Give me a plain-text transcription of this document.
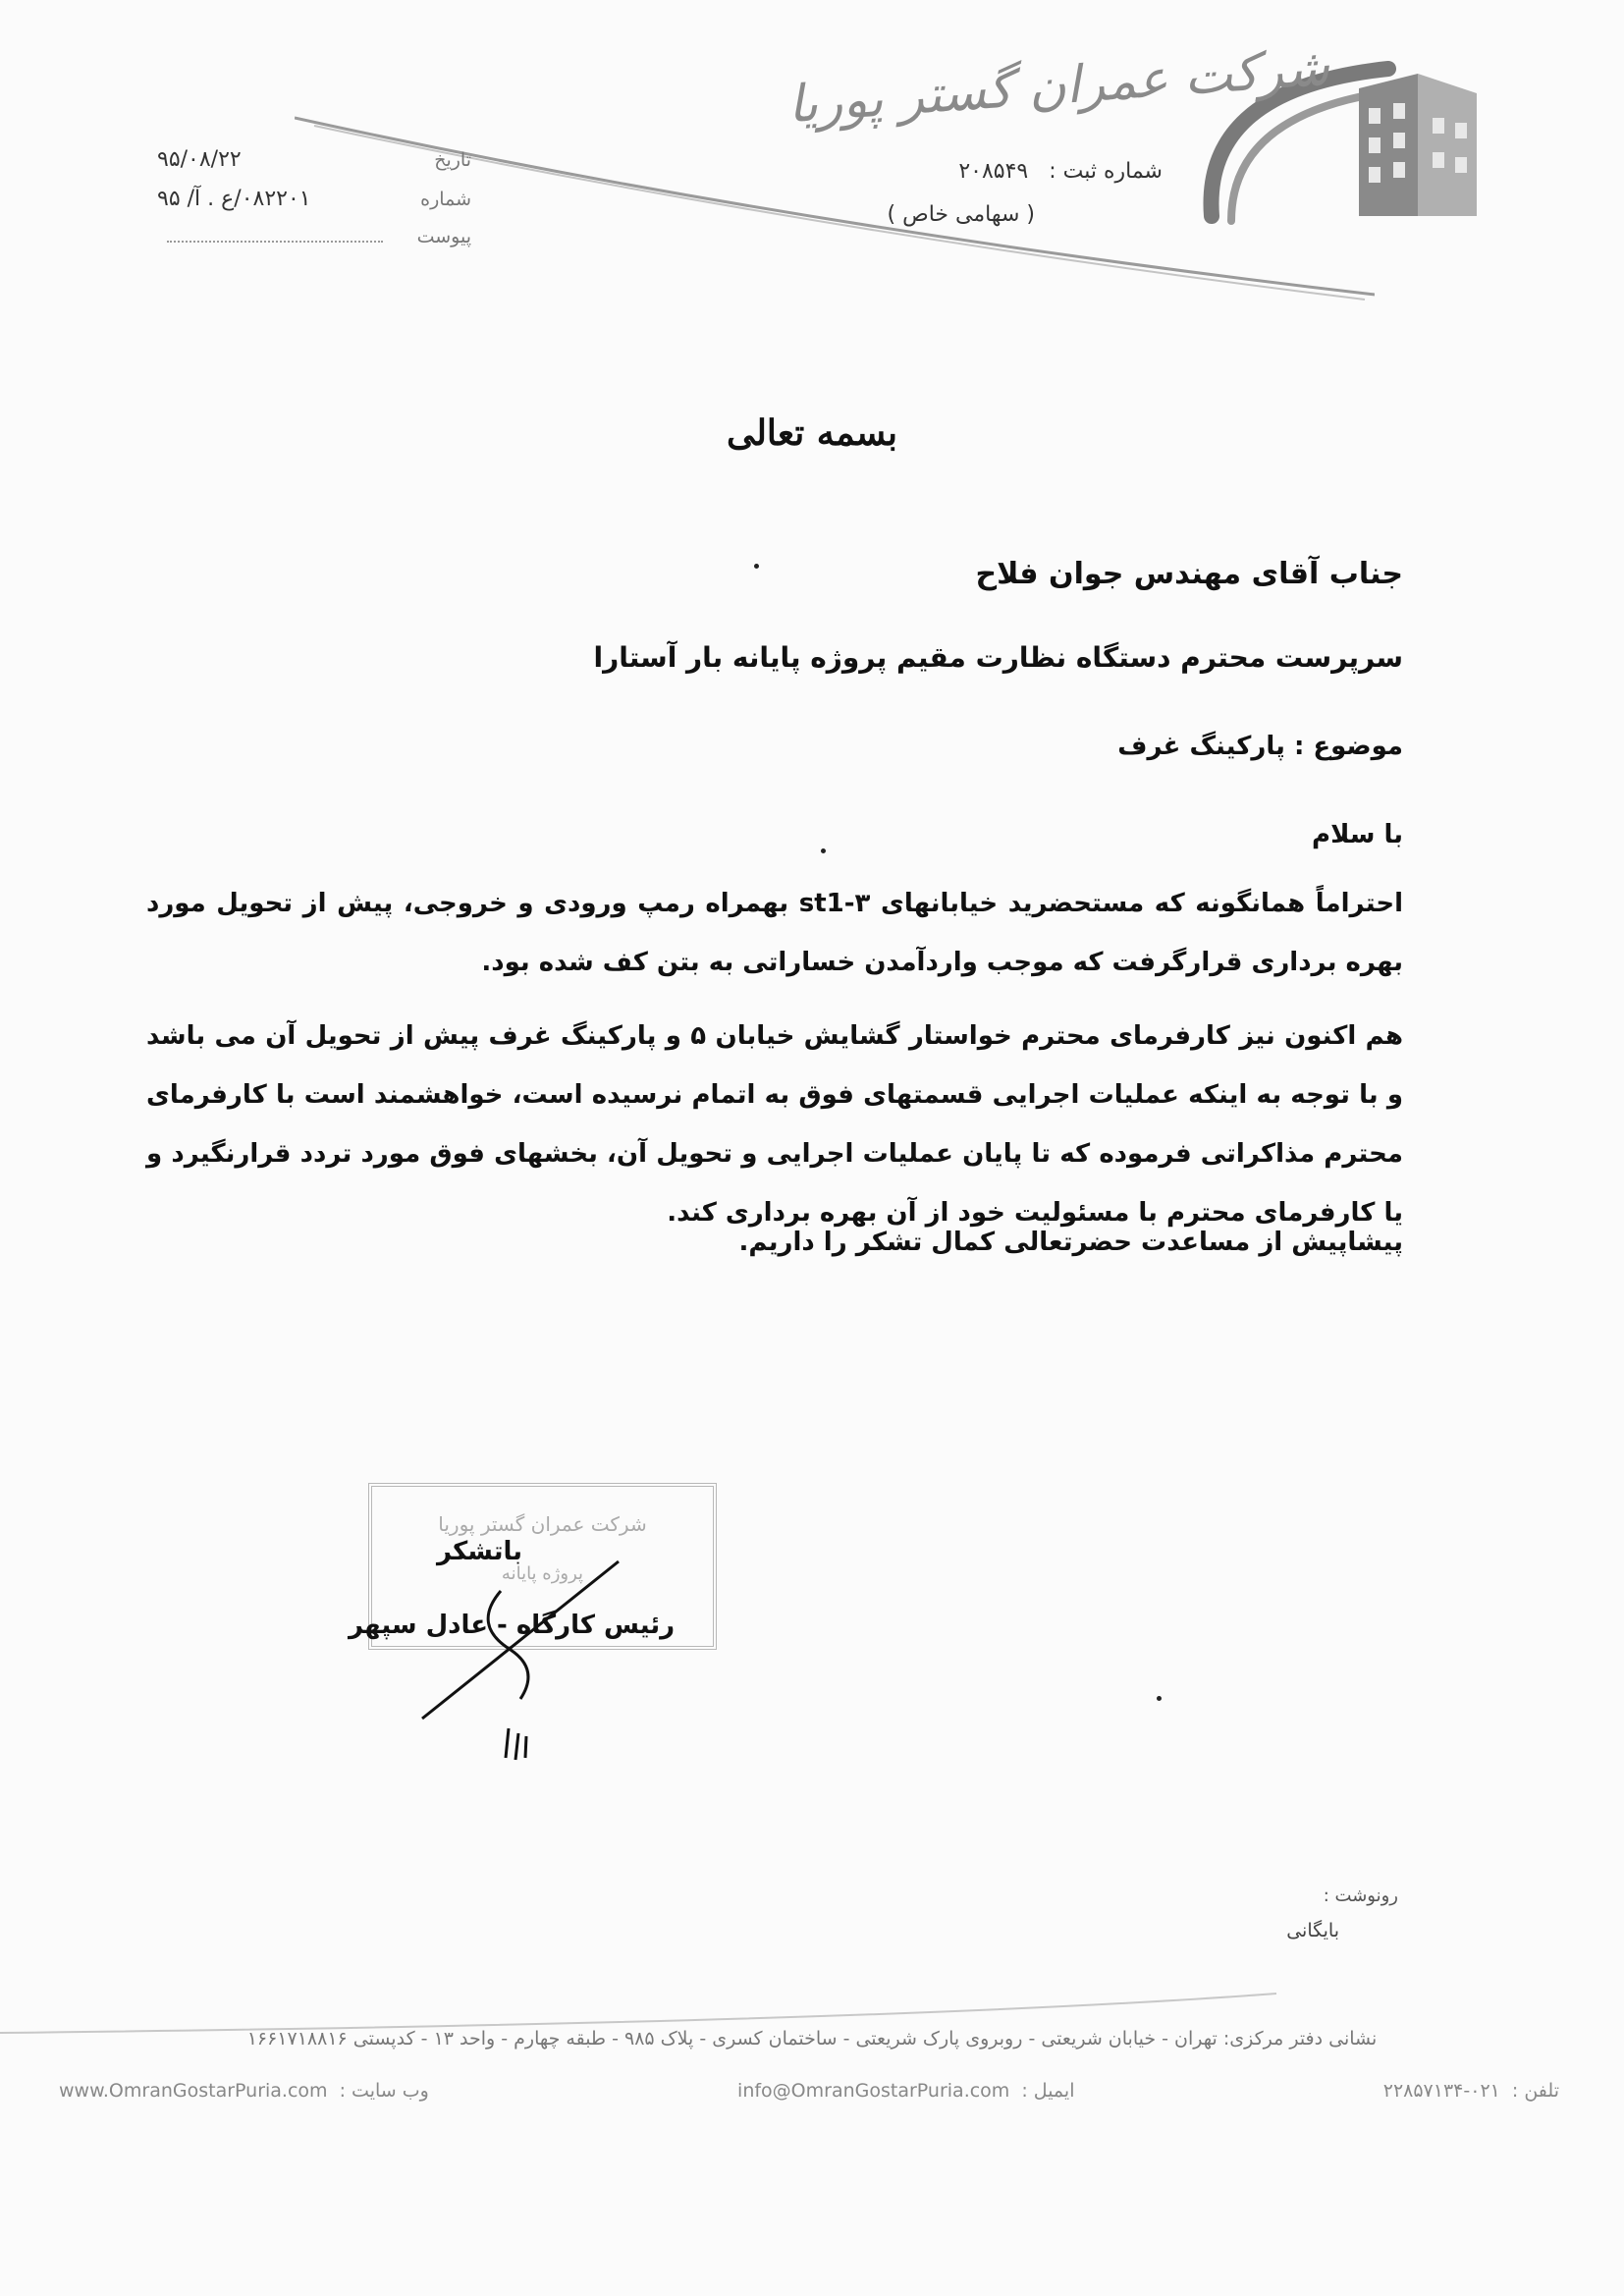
شرکت عمران گستر پوریا
شماره ثبت : ۲۰۸۵۴۹
( سهامی خاص )
تاریخ
۹۵/۰۸/۲۲
شماره
۰۸۲۲۰۱/ع . آ/ ۹۵
پیوست
بسمه تعالی
جناب آقای مهندس جوان فلاح
سرپرست محترم دستگاه نظارت مقیم پروژه پایانه بار آستارا
موضوع : پارکینگ غرف
با سلام
احتراماً همانگونه که مستحضرید خیابانهای st1-۳ بهمراه رمپ ورودی و خروجی، پیش از تحویل مورد بهره برداری قرارگرفت که موجب واردآمدن خساراتی به بتن کف شده بود.
هم اکنون نیز کارفرمای محترم خواستار گشایش خیابان ۵ و پارکینگ غرف پیش از تحویل آن می باشد و با توجه به اینکه عملیات اجرایی قسمتهای فوق به اتمام نرسیده است، خواهشمند است با کارفرمای محترم مذاکراتی فرموده که تا پایان عملیات اجرایی و تحویل آن، بخشهای فوق مورد تردد قرارنگیرد و یا کارفرمای محترم با مسئولیت خود از آن بهره برداری کند.
پیشاپیش از مساعدت حضرتعالی کمال تشکر را داریم.
شرکت عمران گستر پوریا
پروژه پایانه
باتشکر
رئیس کارگاه - عادل سپهر
رونوشت :
بایگانی
نشانی دفتر مرکزی: تهران - خیابان شریعتی - روبروی پارک شریعتی - ساختمان کسری - پلاک ۹۸۵ - طبقه چهارم - واحد ۱۳ - کدپستی ۱۶۶۱۷۱۸۸۱۶
وب سایت : www.OmranGostarPuria.com	ایمیل : info@OmranGostarPuria.com	تلفن : ۰۲۱-۲۲۸۵۷۱۳۴
